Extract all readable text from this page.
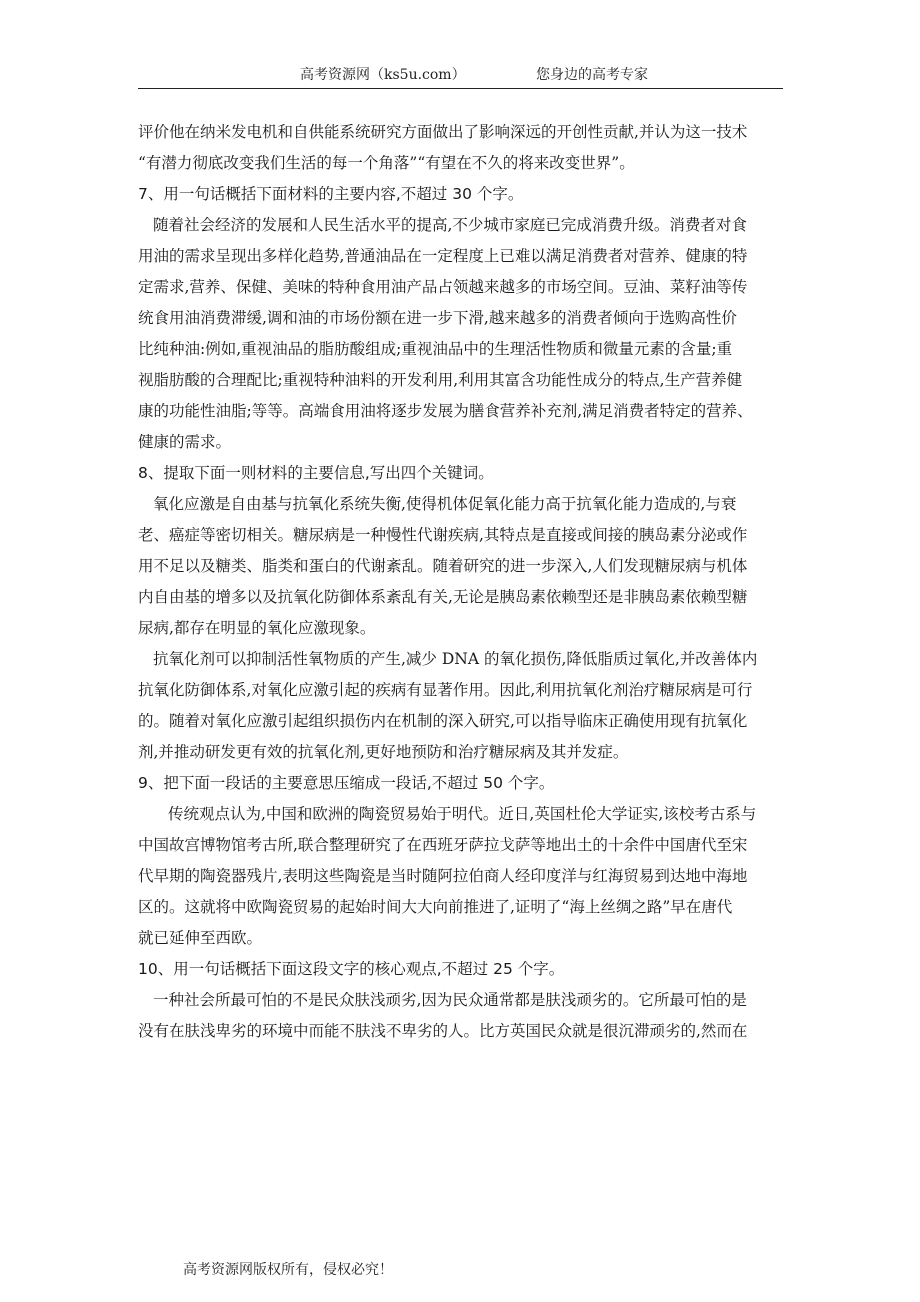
高考资源网（ks5u.com）	您身边的高考专家
评价他在纳米发电机和自供能系统研究方面做出了影响深远的开创性贡献,并认为这一技术
“有潜力彻底改变我们生活的每一个角落”“有望在不久的将来改变世界”。
7、用一句话概括下面材料的主要内容,不超过 30 个字。
随着社会经济的发展和人民生活水平的提高,不少城市家庭已完成消费升级。消费者对食
用油的需求呈现出多样化趋势,普通油品在一定程度上已难以满足消费者对营养、健康的特
定需求,营养、保健、美味的特种食用油产品占领越来越多的市场空间。豆油、菜籽油等传
统食用油消费滞缓,调和油的市场份额在进一步下滑,越来越多的消费者倾向于选购高性价
比纯种油:例如,重视油品的脂肪酸组成;重视油品中的生理活性物质和微量元素的含量;重
视脂肪酸的合理配比;重视特种油料的开发利用,利用其富含功能性成分的特点,生产营养健
康的功能性油脂;等等。高端食用油将逐步发展为膳食营养补充剂,满足消费者特定的营养、
健康的需求。
8、提取下面一则材料的主要信息,写出四个关键词。
氧化应激是自由基与抗氧化系统失衡,使得机体促氧化能力高于抗氧化能力造成的,与衰
老、癌症等密切相关。糖尿病是一种慢性代谢疾病,其特点是直接或间接的胰岛素分泌或作
用不足以及糖类、脂类和蛋白的代谢紊乱。随着研究的进一步深入,人们发现糖尿病与机体
内自由基的增多以及抗氧化防御体系紊乱有关,无论是胰岛素依赖型还是非胰岛素依赖型糖
尿病,都存在明显的氧化应激现象。
抗氧化剂可以抑制活性氧物质的产生,减少 DNA 的氧化损伤,降低脂质过氧化,并改善体内
抗氧化防御体系,对氧化应激引起的疾病有显著作用。因此,利用抗氧化剂治疗糖尿病是可行
的。随着对氧化应激引起组织损伤内在机制的深入研究,可以指导临床正确使用现有抗氧化
剂,并推动研发更有效的抗氧化剂,更好地预防和治疗糖尿病及其并发症。
9、把下面一段话的主要意思压缩成一段话,不超过 50 个字。
传统观点认为,中国和欧洲的陶瓷贸易始于明代。近日,英国杜伦大学证实,该校考古系与
中国故宫博物馆考古所,联合整理研究了在西班牙萨拉戈萨等地出土的十余件中国唐代至宋
代早期的陶瓷器残片,表明这些陶瓷是当时随阿拉伯商人经印度洋与红海贸易到达地中海地
区的。这就将中欧陶瓷贸易的起始时间大大向前推进了,证明了“海上丝绸之路”早在唐代
就已延伸至西欧。
10、用一句话概括下面这段文字的核心观点,不超过 25 个字。
一种社会所最可怕的不是民众肤浅顽劣,因为民众通常都是肤浅顽劣的。它所最可怕的是
没有在肤浅卑劣的环境中而能不肤浅不卑劣的人。比方英国民众就是很沉滞顽劣的,然而在
高考资源网版权所有，侵权必究！
